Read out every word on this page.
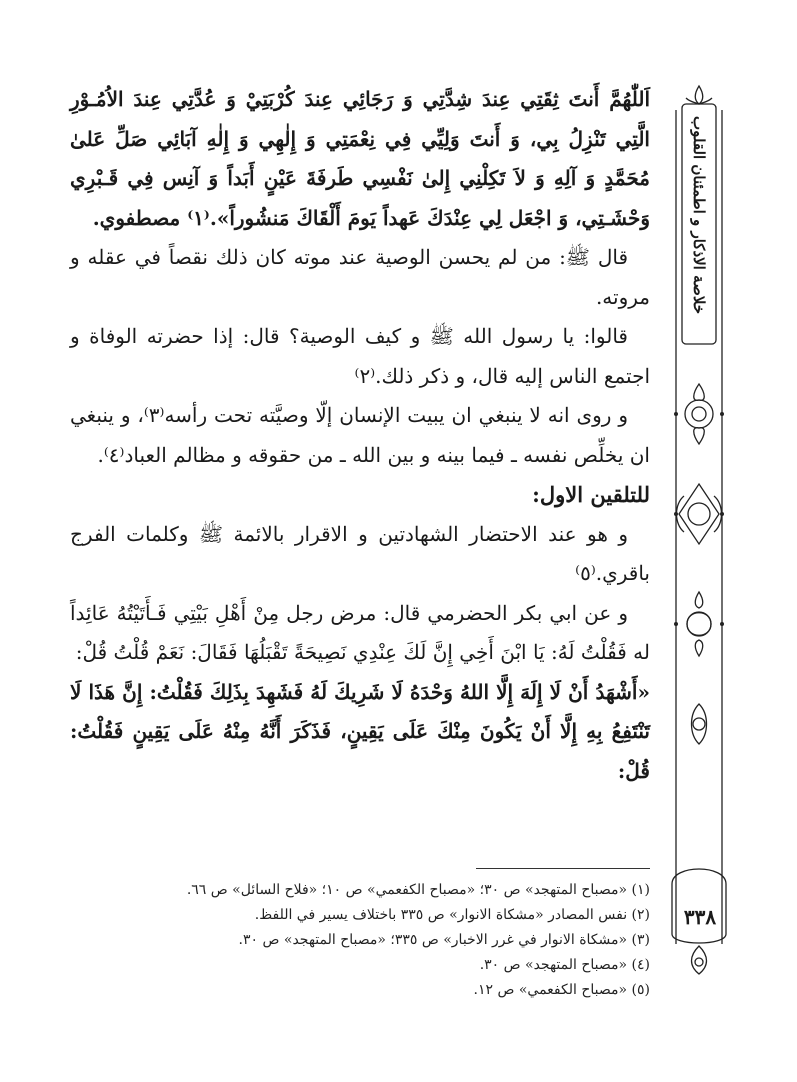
خلاصة الاذكار و اطمئنان القلوب
٣٣٨

اَللّٰهُمَّ أَنتَ ثِقَتِي عِندَ شِدَّتِي وَ رَجَائِي عِندَ كُرْبَتِيْ وَ عُدَّتِي عِندَ الاُمُـوْرِ الَّتِي تَنْزِلُ بِي، وَ أَنتَ وَلِيِّي فِي نِعْمَتِي وَ إِلٰهِي وَ إِلٰهِ آبَائِي صَلِّ عَلىٰ مُحَمَّدٍ وَ آلِهِ وَ لاَ تَكِلْنِي إِلىٰ نَفْسِي طَرفَةَ عَيْنٍ أَبَداً وَ آنِس فِي قَـبْرِي وَحْشَـتِي، وَ اجْعَل لِي عِنْدَكَ عَهداً يَومَ أَلْقَاكَ مَنشُوراً».⁽١⁾ مصطفوي.

قال ﷺ: من لم يحسن الوصية عند موته كان ذلك نقصاً في عقله و مروته.

قالوا: يا رسول الله ﷺ و كيف الوصية؟ قال: إذا حضرته الوفاة و اجتمع الناس إليه قال، و ذكر ذلك.⁽٢⁾

و روى انه لا ينبغي ان يبيت الإنسان إلّا وصيَّته تحت رأسه⁽٣⁾، و ينبغي ان يخلِّص نفسه ـ فيما بينه و بين الله ـ من حقوقه و مظالم العباد⁽٤⁾.

للتلقين الاول:

و هو عند الاحتضار الشهادتين و الاقرار بالائمة ﷺ وكلمات الفرج باقري.⁽٥⁾

و عن ابي بكر الحضرمي قال: مرض رجل مِنْ أَهْلِ بَيْتِي فَـأَتَيْتُهُ عَائِداً له فَقُلْتُ لَهُ: يَا ابْنَ أَخِي إِنَّ لَكَ عِنْدِي نَصِيحَةً تَقْبَلُهَا فَقَالَ: نَعَمْ قُلْتُ قُلْ:

«أَشْهَدُ أَنْ لَا إِلَهَ إِلَّا اللهُ وَحْدَهُ لَا شَرِيكَ لَهُ فَشَهِدَ بِذَلِكَ فَقُلْتُ: إِنَّ هَذَا لَا تَنْتَفِعُ بِهِ إِلَّا أَنْ يَكُونَ مِنْكَ عَلَى يَقِينٍ، فَذَكَرَ أَنَّهُ مِنْهُ عَلَى يَقِينٍ فَقُلْتُ: قُلْ:

(١) «مصباح المتهجد» ص ٣٠؛ «مصباح الكفعمي» ص ١٠؛ «فلاح السائل» ص ٦٦.

(٢) نفس المصادر «مشكاة الانوار» ص ٣٣٥ باختلاف يسير في اللفظ.

(٣) «مشكاة الانوار في غرر الاخبار» ص ٣٣٥؛ «مصباح المتهجد» ص ٣٠.

(٤) «مصباح المتهجد» ص ٣٠.

(٥) «مصباح الكفعمي» ص ١٢.
